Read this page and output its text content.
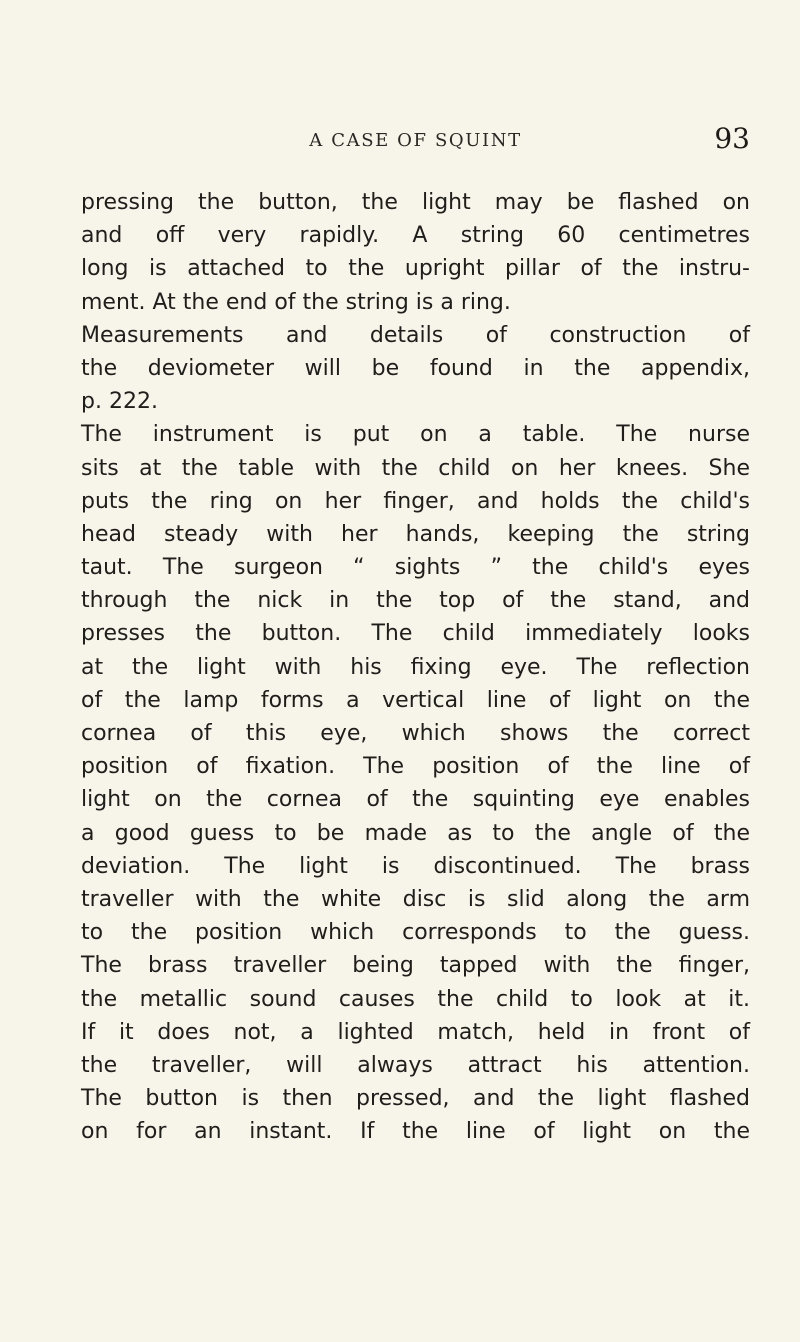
A CASE OF SQUINT	93
pressing the button, the light may be flashed on
and off very rapidly. A string 60 centimetres
long is attached to the upright pillar of the instru-
ment. At the end of the string is a ring.
Measurements and details of construction of
the deviometer will be found in the appendix,
p. 222.
The instrument is put on a table. The nurse
sits at the table with the child on her knees. She
puts the ring on her finger, and holds the child's
head steady with her hands, keeping the string
taut. The surgeon “ sights ” the child's eyes
through the nick in the top of the stand, and
presses the button. The child immediately looks
at the light with his fixing eye. The reflection
of the lamp forms a vertical line of light on the
cornea of this eye, which shows the correct
position of fixation. The position of the line of
light on the cornea of the squinting eye enables
a good guess to be made as to the angle of the
deviation. The light is discontinued. The brass
traveller with the white disc is slid along the arm
to the position which corresponds to the guess.
The brass traveller being tapped with the finger,
the metallic sound causes the child to look at it.
If it does not, a lighted match, held in front of
the traveller, will always attract his attention.
The button is then pressed, and the light flashed
on for an instant. If the line of light on the
